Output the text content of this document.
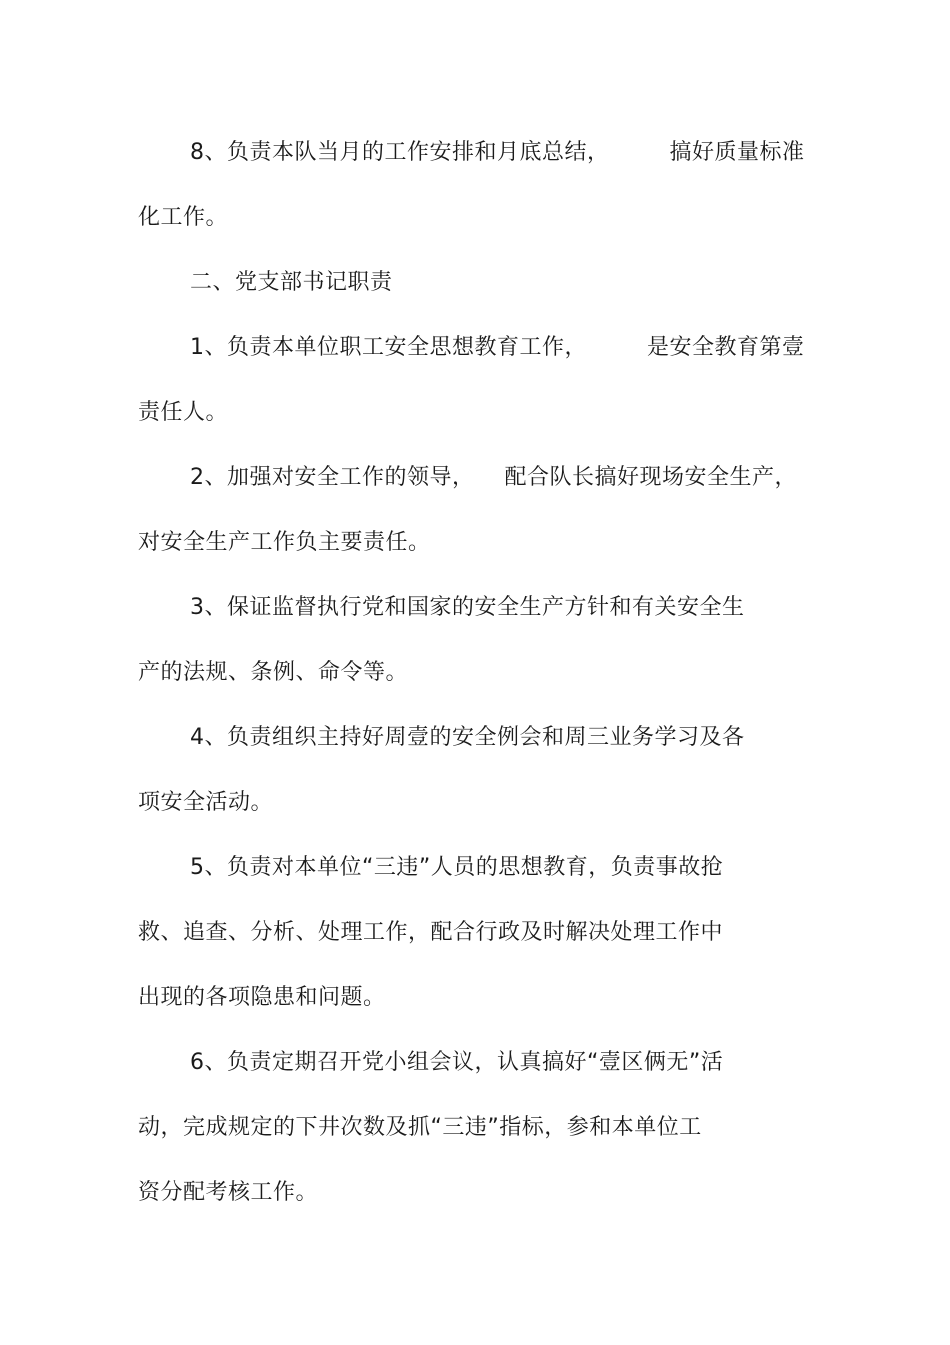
8、负责本队当月的工作安排和月底总结，        搞好质量标准
化工作。
二、党支部书记职责
1、负责本单位职工安全思想教育工作，        是安全教育第壹
责任人。
2、加强对安全工作的领导，    配合队长搞好现场安全生产，
对安全生产工作负主要责任。
3、保证监督执行党和国家的安全生产方针和有关安全生
产的法规、条例、命令等。
4、负责组织主持好周壹的安全例会和周三业务学习及各
项安全活动。
5、负责对本单位“三违”人员的思想教育，负责事故抢
救、追查、分析、处理工作，配合行政及时解决处理工作中
出现的各项隐患和问题。
6、负责定期召开党小组会议，认真搞好“壹区俩无”活
动，完成规定的下井次数及抓“三违”指标，参和本单位工
资分配考核工作。
